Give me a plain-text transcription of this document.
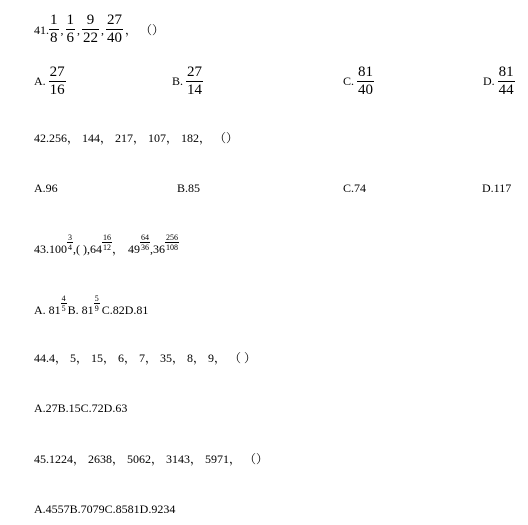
41. $\frac{1}{8}$ , $\frac{1}{6}$ , $\frac{9}{22}$ , $\frac{27}{40}$ ， （）
A. $\frac{27}{16}$	B. $\frac{27}{14}$	C. $\frac{81}{40}$	D. $\frac{81}{44}$
42.256， 144， 217， 107， 182， （）
A.96	B.85	C.74	D.117
$43.100 \frac{3}{4}$ ,( )$,64 \frac{16}{12}$ ， $49 \frac{64}{36} ,36 \frac{256}{108}$
A. $81 \frac{4}{5} B$. $81 \frac{5}{9} C.82D.81$
44.4， 5， 15， 6， 7， 35， 8， 9， （ ）
A.27B.15C.72D.63
45.1224， 2638， 5062， 3143， 5971， （）
A.4557B.7079C.8581D.9234
